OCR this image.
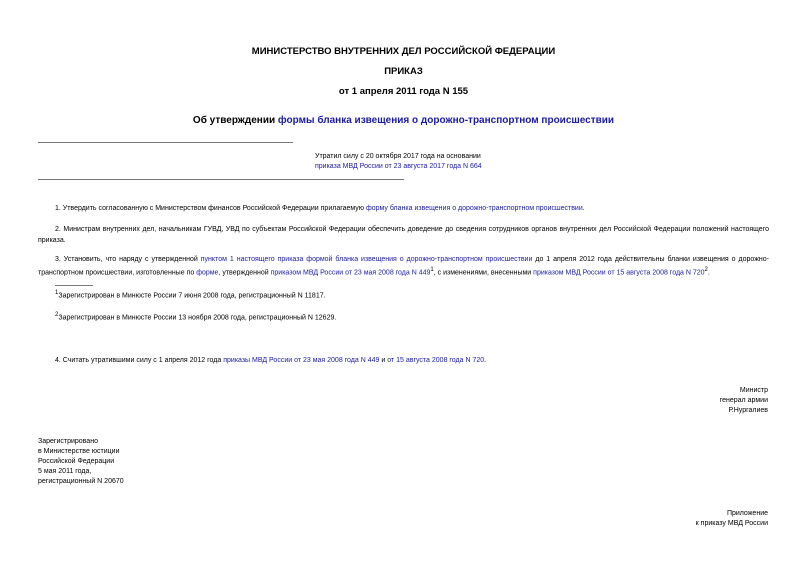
МИНИСТЕРСТВО ВНУТРЕННИХ ДЕЛ РОССИЙСКОЙ ФЕДЕРАЦИИ
ПРИКАЗ
от 1 апреля 2011 года N 155
Об утверждении формы бланка извещения о дорожно-транспортном происшествии
Утратил силу с 20 октября 2017 года на основании
приказа МВД России от 23 августа 2017 года N 664
1. Утвердить согласованную с Министерством финансов Российской Федерации прилагаемую форму бланка извещения о дорожно-транспортном происшествии.
2. Министрам внутренних дел, начальникам ГУВД, УВД по субъектам Российской Федерации обеспечить доведение до сведения сотрудников органов внутренних дел Российской Федерации положений настоящего приказа.
3. Установить, что наряду с утвержденной пунктом 1 настоящего приказа формой бланка извещения о дорожно-транспортном происшествии до 1 апреля 2012 года действительны бланки извещения о дорожно-транспортном происшествии, изготовленные по форме, утвержденной приказом МВД России от 23 мая 2008 года N $449^1$, с изменениями, внесенными приказом МВД России от 15 августа 2008 года N $720^2$.
$^1$Зарегистрирован в Минюсте России 7 июня 2008 года, регистрационный N 11817.
$^2$Зарегистрирован в Минюсте России 13 ноября 2008 года, регистрационный N 12629.
4. Считать утратившими силу с 1 апреля 2012 года приказы МВД России от 23 мая 2008 года N 449 и от 15 августа 2008 года N 720.
Министр
генерал армии
Р.Нургалиев
Зарегистрировано
в Министерстве юстиции
Российской Федерации
5 мая 2011 года,
регистрационный N 20670
Приложение
к приказу МВД России
